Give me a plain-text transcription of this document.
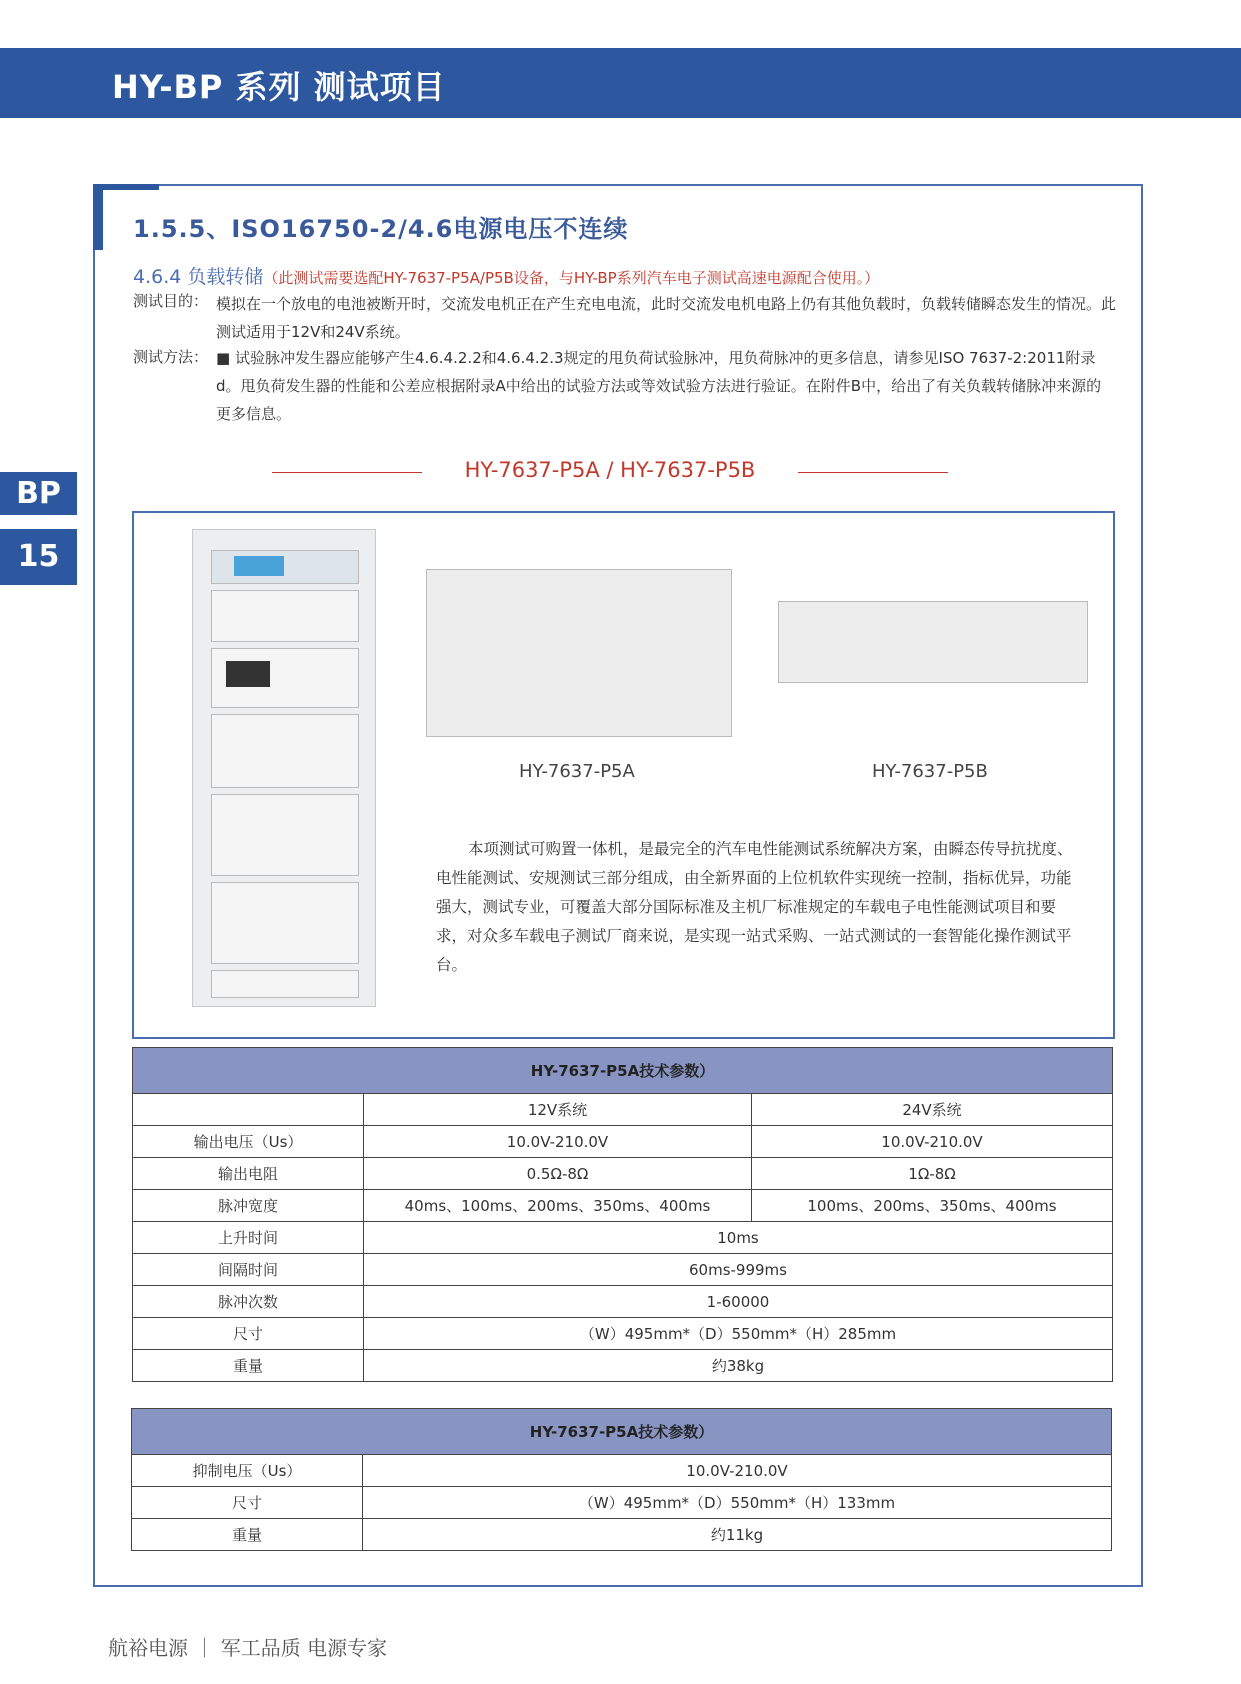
HY-BP 系列 测试项目
BP
15
1.5.5、ISO16750-2/4.6电源电压不连续
4.6.4 负载转储（此测试需要选配HY-7637-P5A/P5B设备，与HY-BP系列汽车电子测试高速电源配合使用。）
测试目的： 模拟在一个放电的电池被断开时，交流发电机正在产生充电电流，此时交流发电机电路上仍有其他负载时，负载转储瞬态发生的情况。此测试适用于12V和24V系统。
测试方法： ■ 试验脉冲发生器应能够产生4.6.4.2.2和4.6.4.2.3规定的甩负荷试验脉冲，甩负荷脉冲的更多信息，请参见ISO 7637-2:2011附录d。甩负荷发生器的性能和公差应根据附录A中给出的试验方法或等效试验方法进行验证。在附件B中，给出了有关负载转储脉冲来源的更多信息。
HY-7637-P5A / HY-7637-P5B
HY-7637-P5A	HY-7637-P5B
本项测试可购置一体机，是最完全的汽车电性能测试系统解决方案，由瞬态传导抗扰度、电性能测试、安规测试三部分组成，由全新界面的上位机软件实现统一控制，指标优异，功能强大，测试专业，可覆盖大部分国际标准及主机厂标准规定的车载电子电性能测试项目和要求，对众多车载电子测试厂商来说，是实现一站式采购、一站式测试的一套智能化操作测试平台。
HY-7637-P5A技术参数）		
	12V系统	24V系统
输出电压（Us）	10.0V-210.0V	10.0V-210.0V
输出电阻	0.5Ω-8Ω	1Ω-8Ω
脉冲宽度	40ms、100ms、200ms、350ms、400ms	100ms、200ms、350ms、400ms
上升时间	10ms	
间隔时间	60ms-999ms	
脉冲次数	1-60000	
尺寸	（W）495mm*（D）550mm*（H）285mm	
重量	约38kg	
HY-7637-P5A技术参数）	
抑制电压（Us）	10.0V-210.0V
尺寸	（W）495mm*（D）550mm*（H）133mm
重量	约11kg
航裕电源 ｜ 军工品质 电源专家
